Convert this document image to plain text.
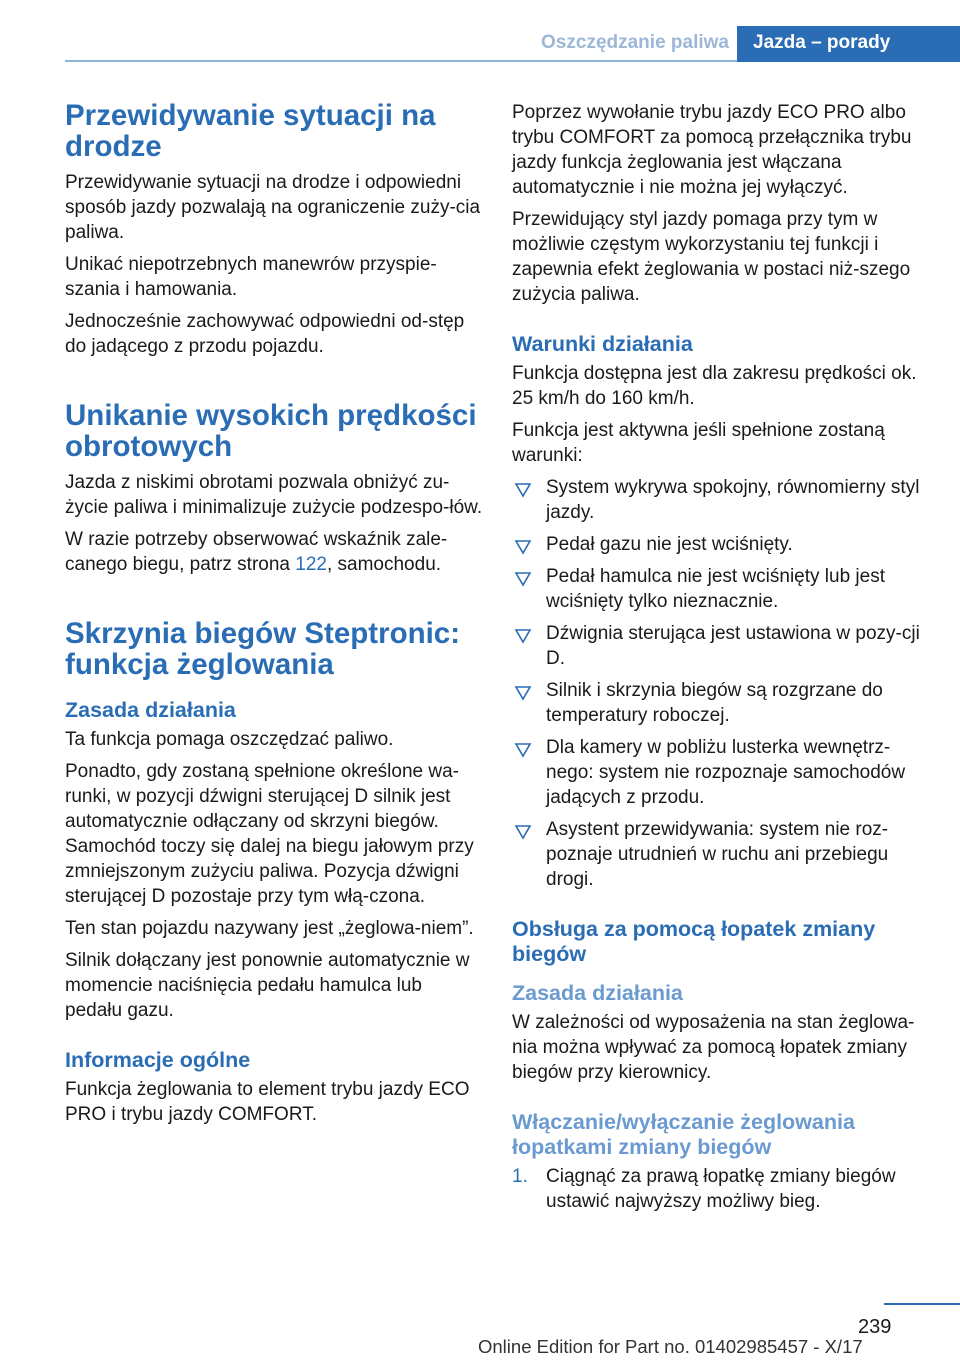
Oszczędzanie paliwa	Jazda – porady
Przewidywanie sytuacji na drodze

Przewidywanie sytuacji na drodze i odpowiedni sposób jazdy pozwalają na ograniczenie zuży‐cia paliwa.

Unikać niepotrzebnych manewrów przyspie‐szania i hamowania.

Jednocześnie zachowywać odpowiedni od‐stęp do jadącego z przodu pojazdu.

Unikanie wysokich prędkości obrotowych

Jazda z niskimi obrotami pozwala obniżyć zu‐życie paliwa i minimalizuje zużycie podzespo‐łów.

W razie potrzeby obserwować wskaźnik zale‐canego biegu, patrz strona 122, samochodu.

Skrzynia biegów Steptronic: funkcja żeglowania
Zasada działania

Ta funkcja pomaga oszczędzać paliwo.

Ponadto, gdy zostaną spełnione określone wa‐runki, w pozycji dźwigni sterującej D silnik jest automatycznie odłączany od skrzyni biegów. Samochód toczy się dalej na biegu jałowym przy zmniejszonym zużyciu paliwa. Pozycja dźwigni sterującej D pozostaje przy tym włą‐czona.

Ten stan pojazdu nazywany jest „żeglowa‐niem”.

Silnik dołączany jest ponownie automatycznie w momencie naciśnięcia pedału hamulca lub pedału gazu.

Informacje ogólne

Funkcja żeglowania to element trybu jazdy ECO PRO i trybu jazdy COMFORT.

Poprzez wywołanie trybu jazdy ECO PRO albo trybu COMFORT za pomocą przełącznika trybu jazdy funkcja żeglowania jest włączana automatycznie i nie można jej wyłączyć.

Przewidujący styl jazdy pomaga przy tym w możliwie częstym wykorzystaniu tej funkcji i zapewnia efekt żeglowania w postaci niż‐szego zużycia paliwa.

Warunki działania

Funkcja dostępna jest dla zakresu prędkości ok. 25 km/h do 160 km/h.

Funkcja jest aktywna jeśli spełnione zostaną warunki:

System wykrywa spokojny, równomierny styl jazdy.
Pedał gazu nie jest wciśnięty.
Pedał hamulca nie jest wciśnięty lub jest wciśnięty tylko nieznacznie.
Dźwignia sterująca jest ustawiona w pozy‐cji D.
Silnik i skrzynia biegów są rozgrzane do temperatury roboczej.
Dla kamery w pobliżu lusterka wewnętrz‐nego: system nie rozpoznaje samochodów jadących z przodu.
Asystent przewidywania: system nie roz‐poznaje utrudnień w ruchu ani przebiegu drogi.
Obsługa za pomocą łopatek zmiany biegów
Zasada działania

W zależności od wyposażenia na stan żeglowa‐nia można wpływać za pomocą łopatek zmiany biegów przy kierownicy.

Włączanie/wyłączanie żeglowania łopatkami zmiany biegów
1. Ciągnąć za prawą łopatkę zmiany biegów ustawić najwyższy możliwy bieg.
239
Online Edition for Part no. 01402985457 - X/17
